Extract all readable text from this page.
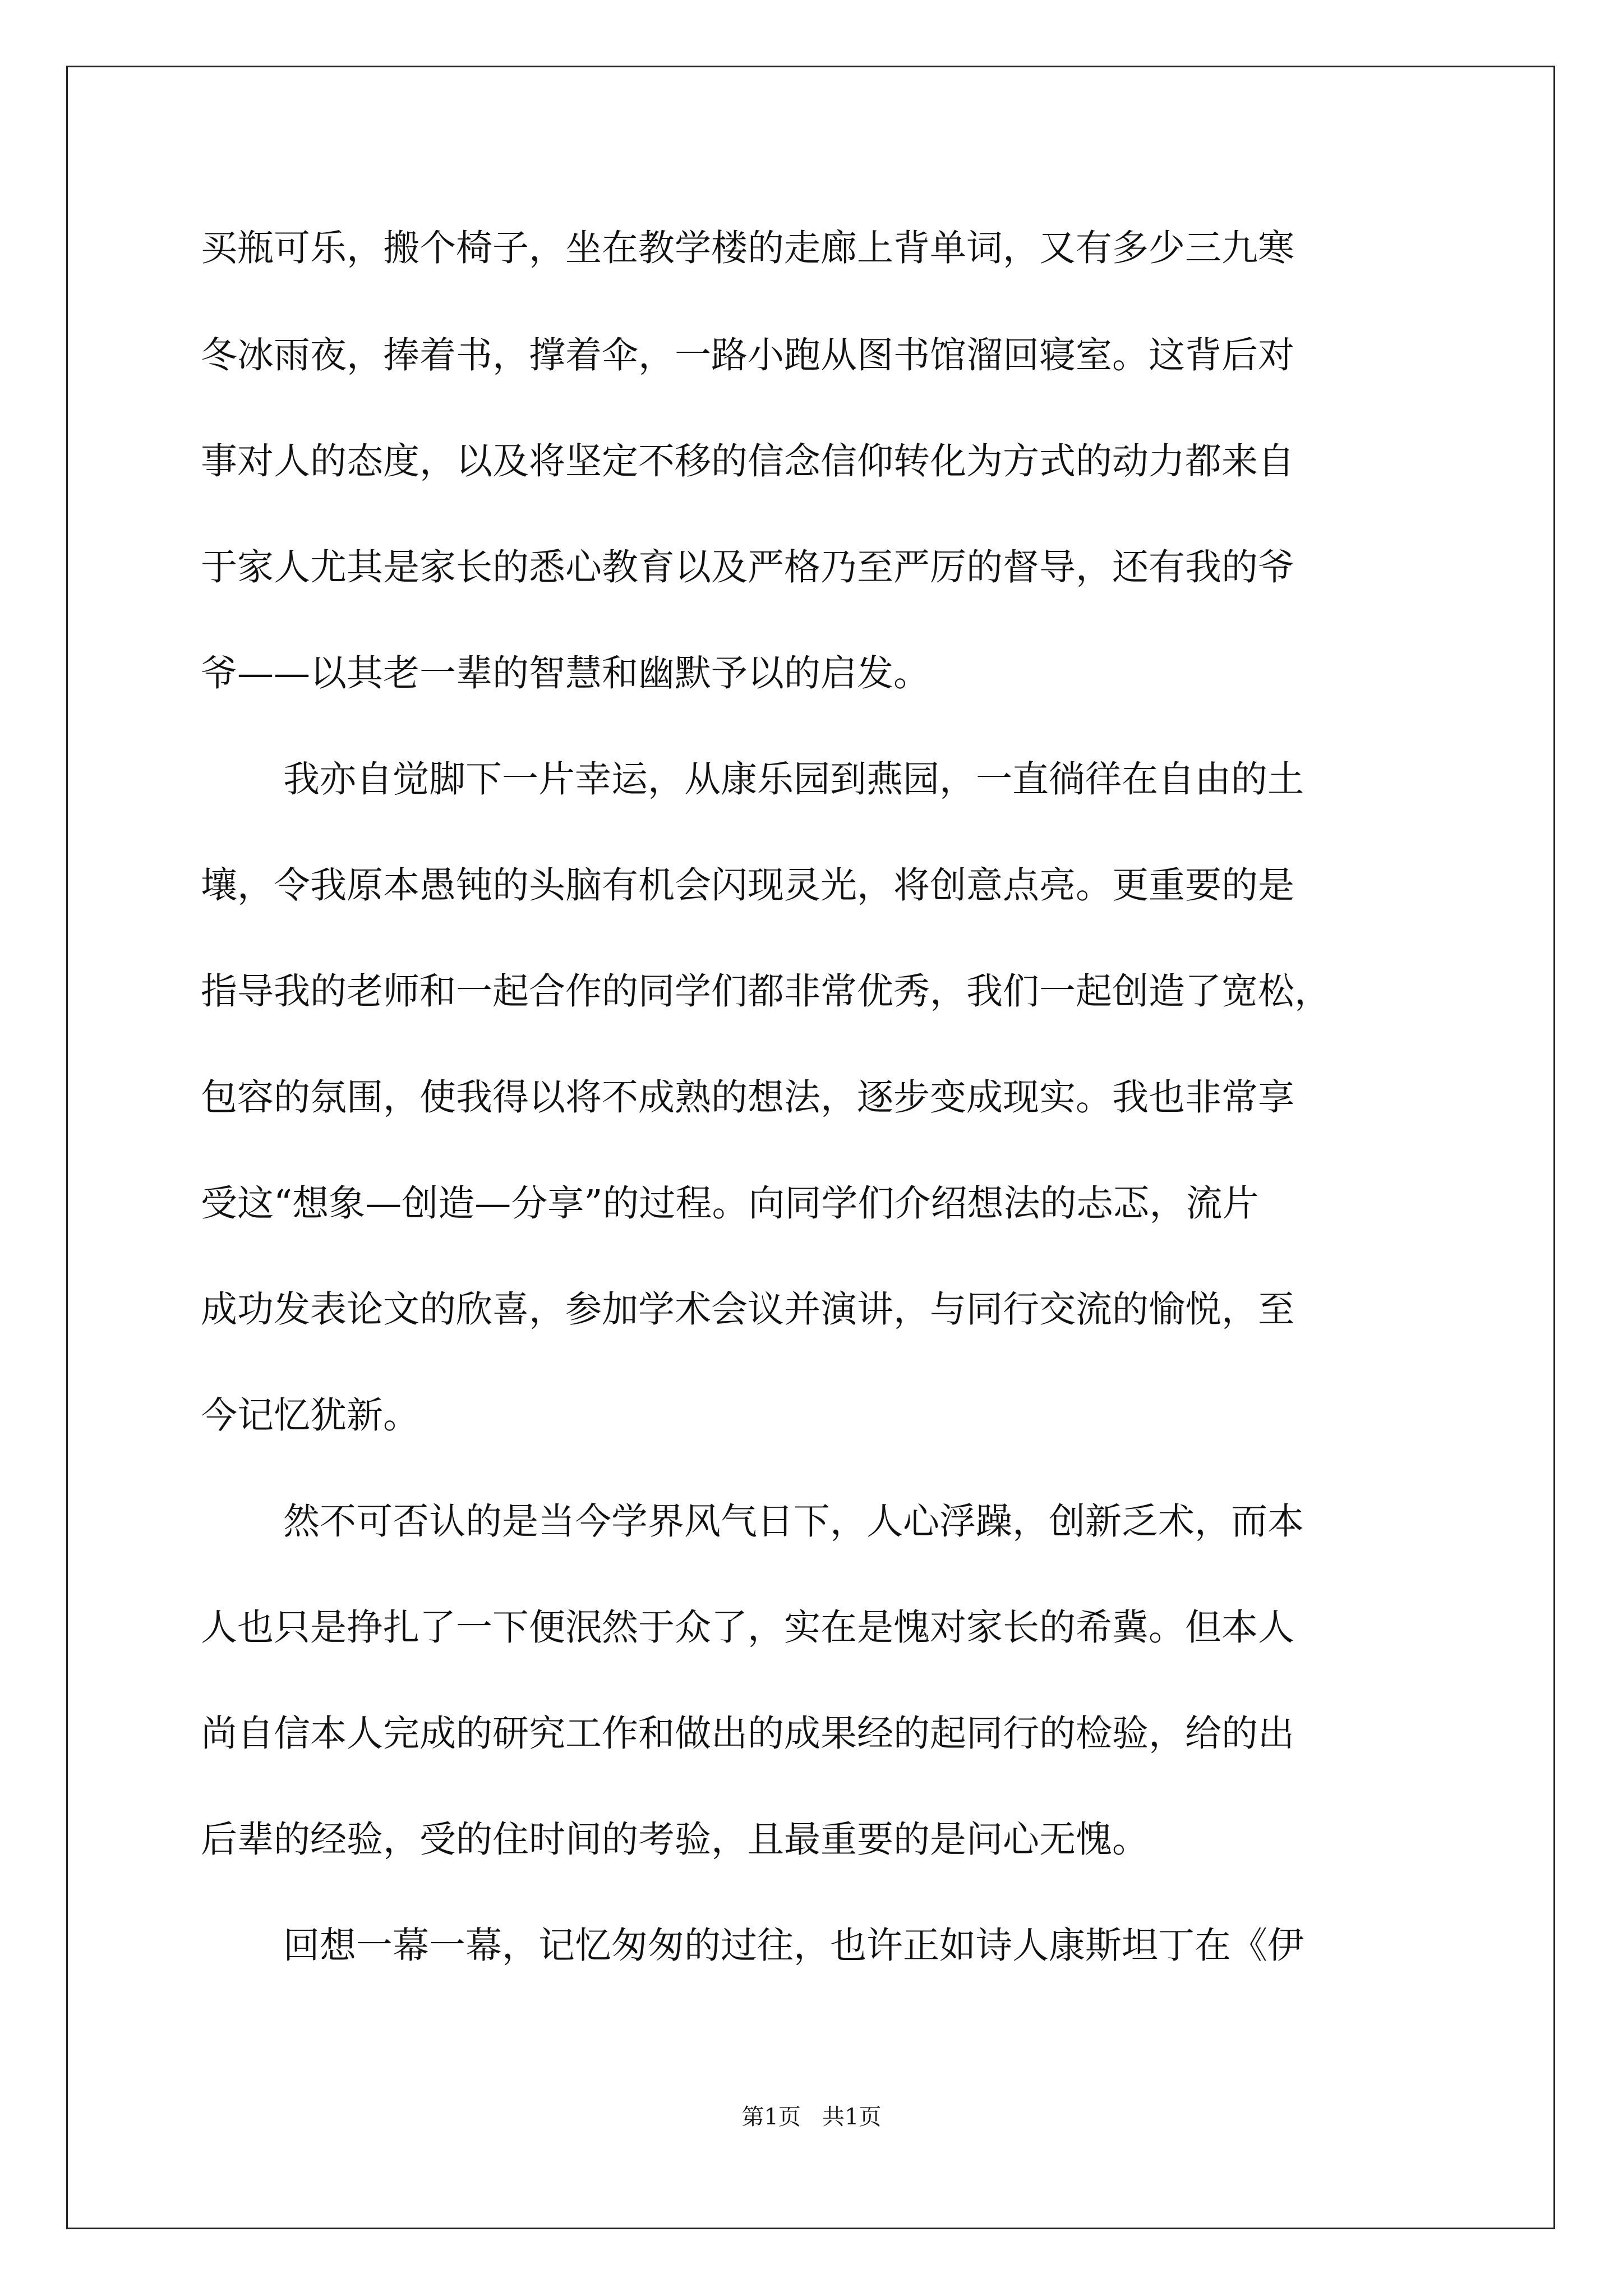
买瓶可乐，搬个椅子，坐在教学楼的走廊上背单词，又有多少三九寒
冬冰雨夜，捧着书，撑着伞，一路小跑从图书馆溜回寝室。这背后对
事对人的态度，以及将坚定不移的信念信仰转化为方式的动力都来自
于家人尤其是家长的悉心教育以及严格乃至严厉的督导，还有我的爷
爷——以其老一辈的智慧和幽默予以的启发。
我亦自觉脚下一片幸运，从康乐园到燕园，一直徜徉在自由的土
壤，令我原本愚钝的头脑有机会闪现灵光，将创意点亮。更重要的是
指导我的老师和一起合作的同学们都非常优秀，我们一起创造了宽松，
包容的氛围，使我得以将不成熟的想法，逐步变成现实。我也非常享
受这“想象—创造—分享”的过程。向同学们介绍想法的忐忑，流片
成功发表论文的欣喜，参加学术会议并演讲，与同行交流的愉悦，至
今记忆犹新。
然不可否认的是当今学界风气日下，人心浮躁，创新乏术，而本
人也只是挣扎了一下便泯然于众了，实在是愧对家长的希冀。但本人
尚自信本人完成的研究工作和做出的成果经的起同行的检验，给的出
后辈的经验，受的住时间的考验，且最重要的是问心无愧。
回想一幕一幕，记忆匆匆的过往，也许正如诗人康斯坦丁在《伊
第1页   共1页
